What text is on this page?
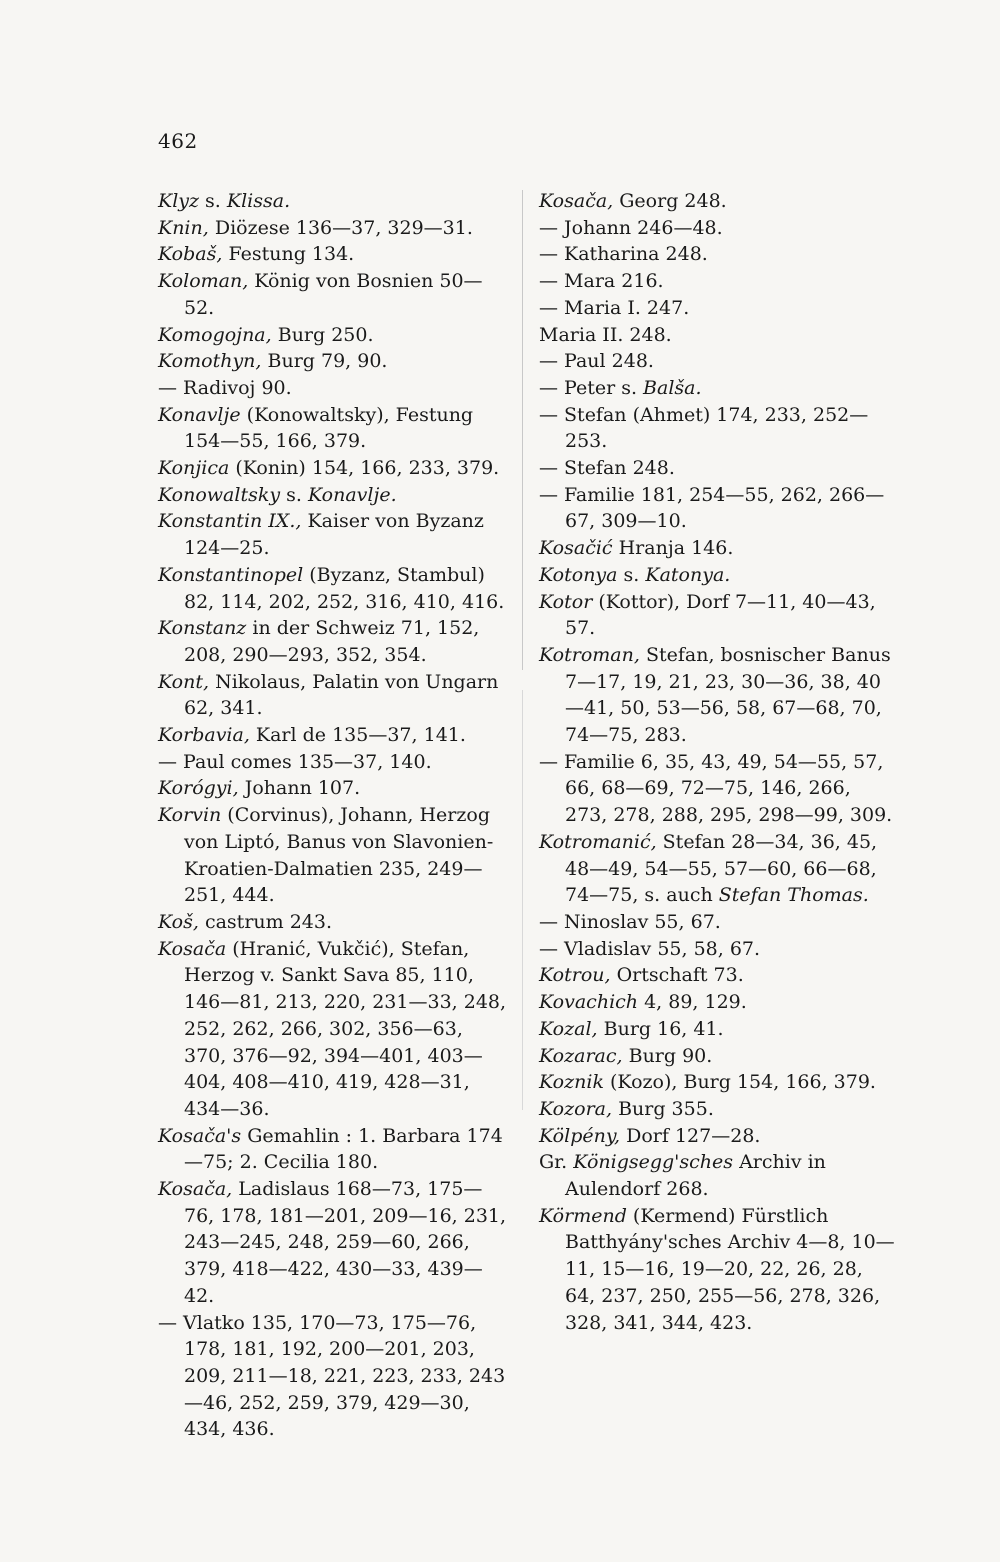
462

Klyz s. Klissa.

Knin, Diözese 136—37, 329—31.

Kobaš, Festung 134.

Koloman, König von Bosnien 50—52.

Komogojna, Burg 250.

Komothyn, Burg 79, 90.

— Radivoj 90.

Konavlje (Konowaltsky), Festung 154—55, 166, 379.

Konjica (Konin) 154, 166, 233, 379.

Konowaltsky s. Konavlje.

Konstantin IX., Kaiser von Byzanz 124—25.

Konstantinopel (Byzanz, Stambul) 82, 114, 202, 252, 316, 410, 416.

Konstanz in der Schweiz 71, 152, 208, 290—293, 352, 354.

Kont, Nikolaus, Palatin von Ungarn 62, 341.

Korbavia, Karl de 135—37, 141.

— Paul comes 135—37, 140.

Korógyi, Johann 107.

Korvin (Corvinus), Johann, Herzog von Liptó, Banus von Slavonien-Kroatien-Dalmatien 235, 249—251, 444.

Koš, castrum 243.

Kosača (Hranić, Vukčić), Stefan, Herzog v. Sankt Sava 85, 110, 146—81, 213, 220, 231—33, 248, 252, 262, 266, 302, 356—63, 370, 376—92, 394—401, 403—404, 408—410, 419, 428—31, 434—36.

Kosača's Gemahlin : 1. Barbara 174—75; 2. Cecilia 180.

Kosača, Ladislaus 168—73, 175—76, 178, 181—201, 209—16, 231, 243—245, 248, 259—60, 266, 379, 418—422, 430—33, 439—42.

— Vlatko 135, 170—73, 175—76, 178, 181, 192, 200—201, 203, 209, 211—18, 221, 223, 233, 243—46, 252, 259, 379, 429—30, 434, 436.

Kosača, Georg 248.

— Johann 246—48.

— Katharina 248.

— Mara 216.

— Maria I. 247.

Maria II. 248.

— Paul 248.

— Peter s. Balša.

— Stefan (Ahmet) 174, 233, 252—253.

— Stefan 248.

— Familie 181, 254—55, 262, 266—67, 309—10.

Kosačić Hranja 146.

Kotonya s. Katonya.

Kotor (Kottor), Dorf 7—11, 40—43, 57.

Kotroman, Stefan, bosnischer Banus 7—17, 19, 21, 23, 30—36, 38, 40—41, 50, 53—56, 58, 67—68, 70, 74—75, 283.

— Familie 6, 35, 43, 49, 54—55, 57, 66, 68—69, 72—75, 146, 266, 273, 278, 288, 295, 298—99, 309.

Kotromanić, Stefan 28—34, 36, 45, 48—49, 54—55, 57—60, 66—68, 74—75, s. auch Stefan Thomas.

— Ninoslav 55, 67.

— Vladislav 55, 58, 67.

Kotrou, Ortschaft 73.

Kovachich 4, 89, 129.

Kozal, Burg 16, 41.

Kozarac, Burg 90.

Koznik (Kozo), Burg 154, 166, 379.

Kozora, Burg 355.

Kölpény, Dorf 127—28.

Gr. Königsegg'sches Archiv in Aulendorf 268.

Körmend (Kermend) Fürstlich Batthyány'sches Archiv 4—8, 10—11, 15—16, 19—20, 22, 26, 28, 64, 237, 250, 255—56, 278, 326, 328, 341, 344, 423.
